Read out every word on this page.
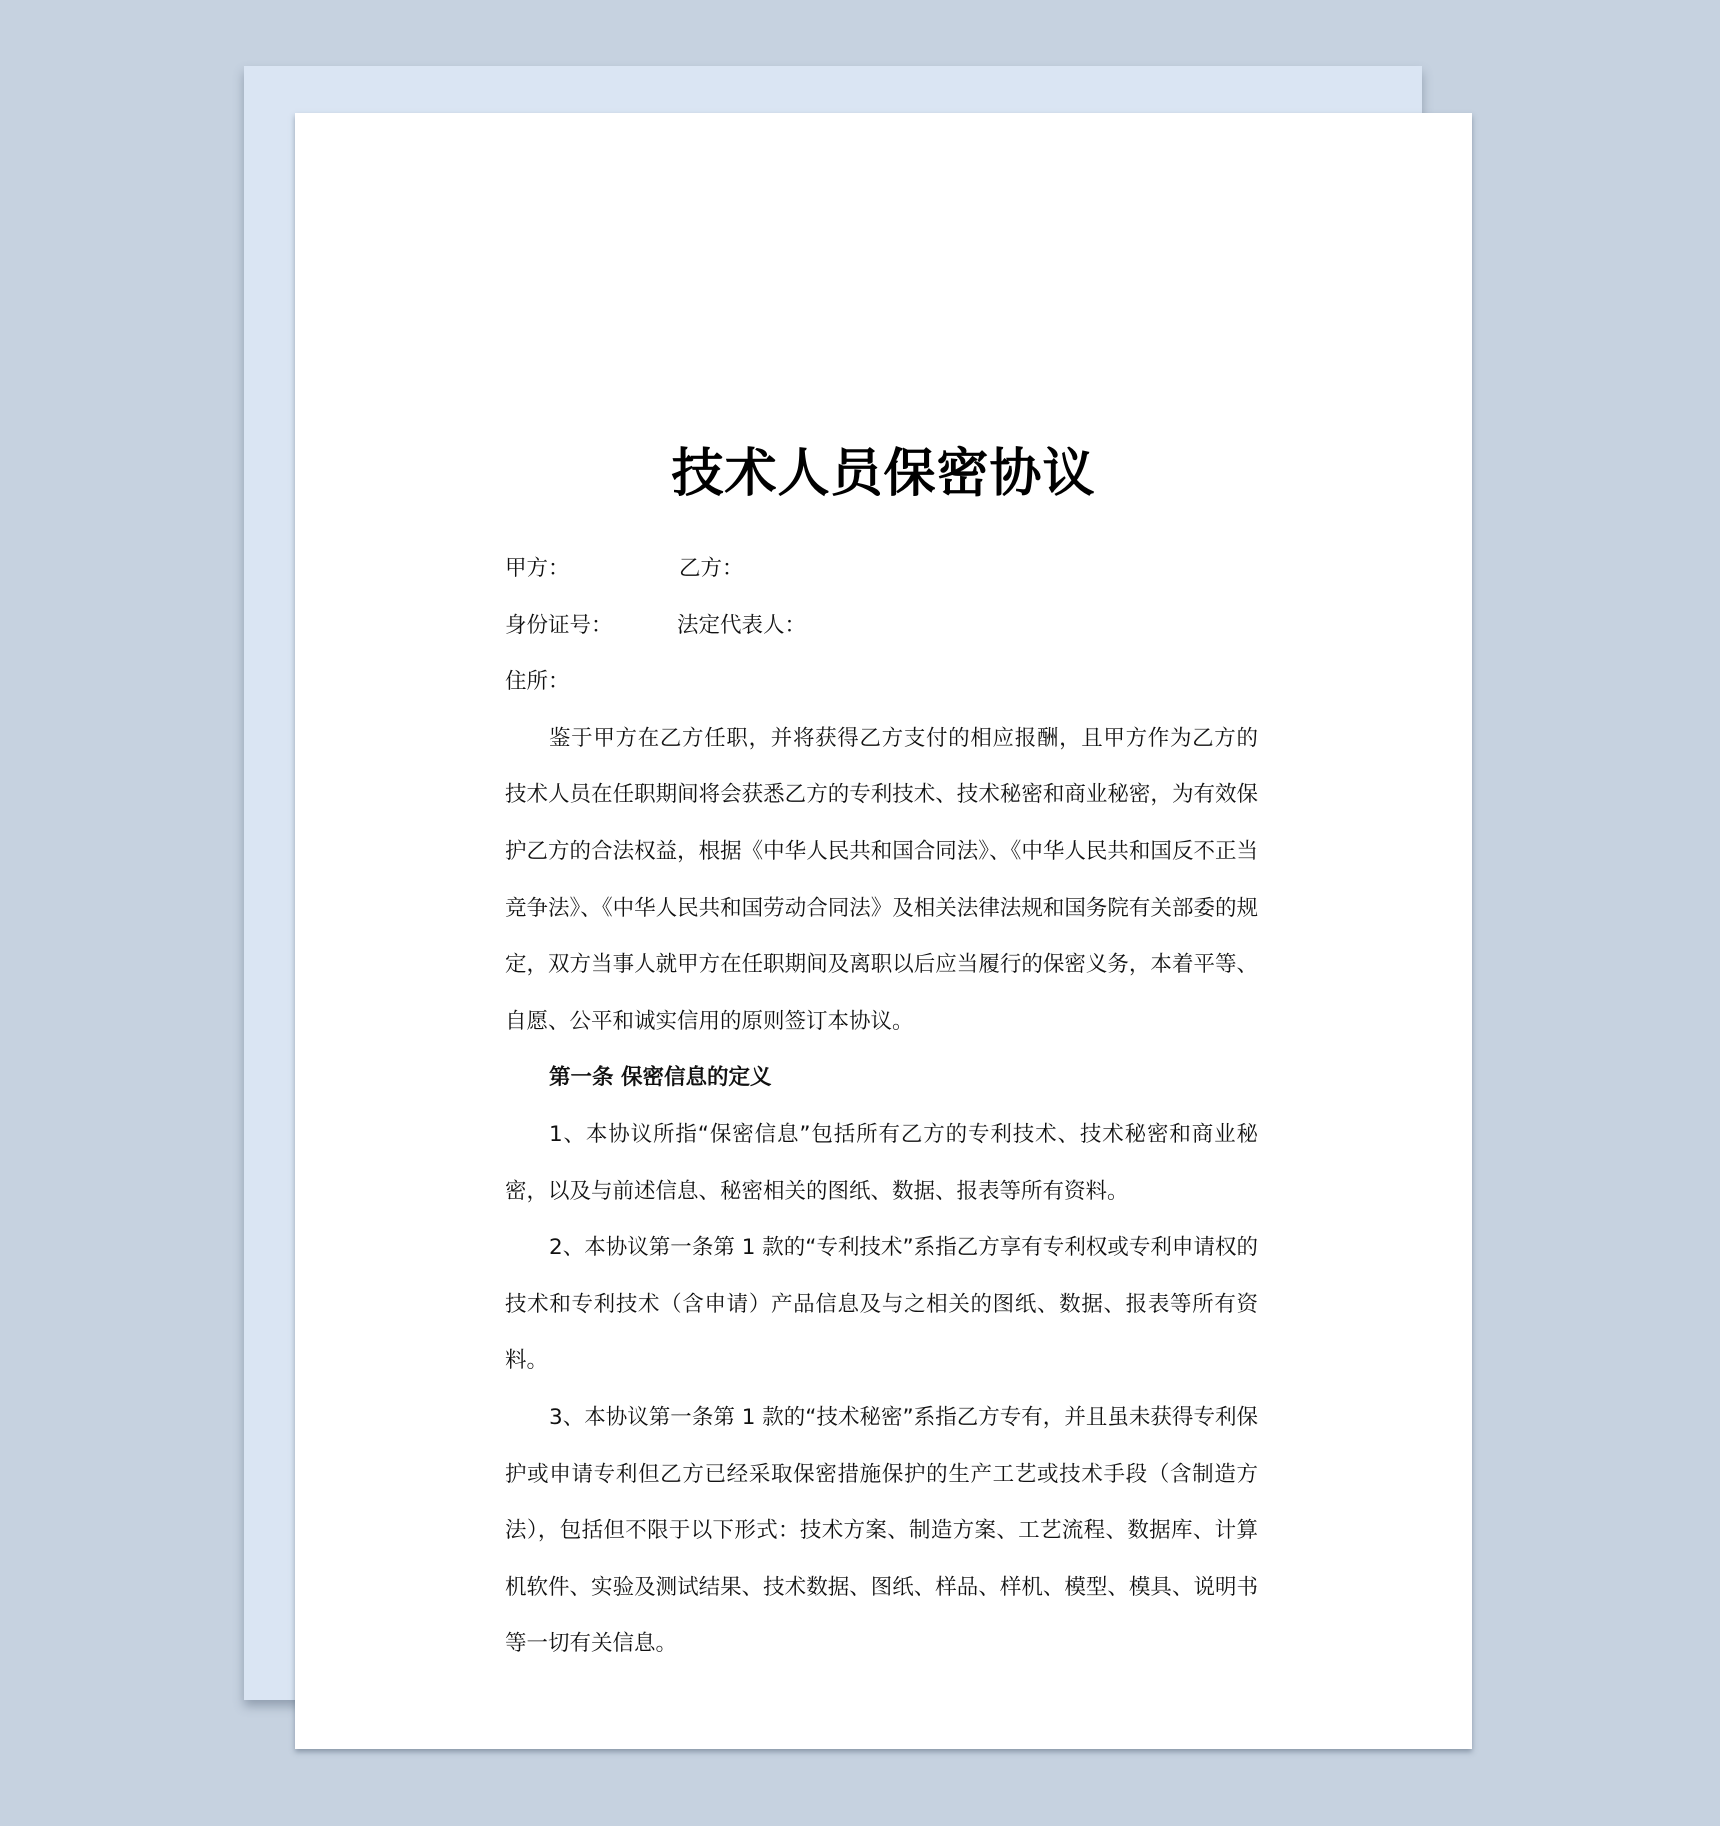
技术人员保密协议
甲方：	乙方：
身份证号：	法定代表人：
住所：

鉴于甲方在乙方任职，并将获得乙方支付的相应报酬，且甲方作为乙方的技术人员在任职期间将会获悉乙方的专利技术、技术秘密和商业秘密，为有效保护乙方的合法权益，根据《中华人民共和国合同法》、《中华人民共和国反不正当竞争法》、《中华人民共和国劳动合同法》及相关法律法规和国务院有关部委的规定，双方当事人就甲方在任职期间及离职以后应当履行的保密义务，本着平等、自愿、公平和诚实信用的原则签订本协议。

第一条 保密信息的定义

1、本协议所指“保密信息”包括所有乙方的专利技术、技术秘密和商业秘密，以及与前述信息、秘密相关的图纸、数据、报表等所有资料。

2、本协议第一条第 1 款的“专利技术”系指乙方享有专利权或专利申请权的技术和专利技术（含申请）产品信息及与之相关的图纸、数据、报表等所有资料。

3、本协议第一条第 1 款的“技术秘密”系指乙方专有，并且虽未获得专利保护或申请专利但乙方已经采取保密措施保护的生产工艺或技术手段（含制造方法），包括但不限于以下形式：技术方案、制造方案、工艺流程、数据库、计算机软件、实验及测试结果、技术数据、图纸、样品、样机、模型、模具、说明书等一切有关信息。
